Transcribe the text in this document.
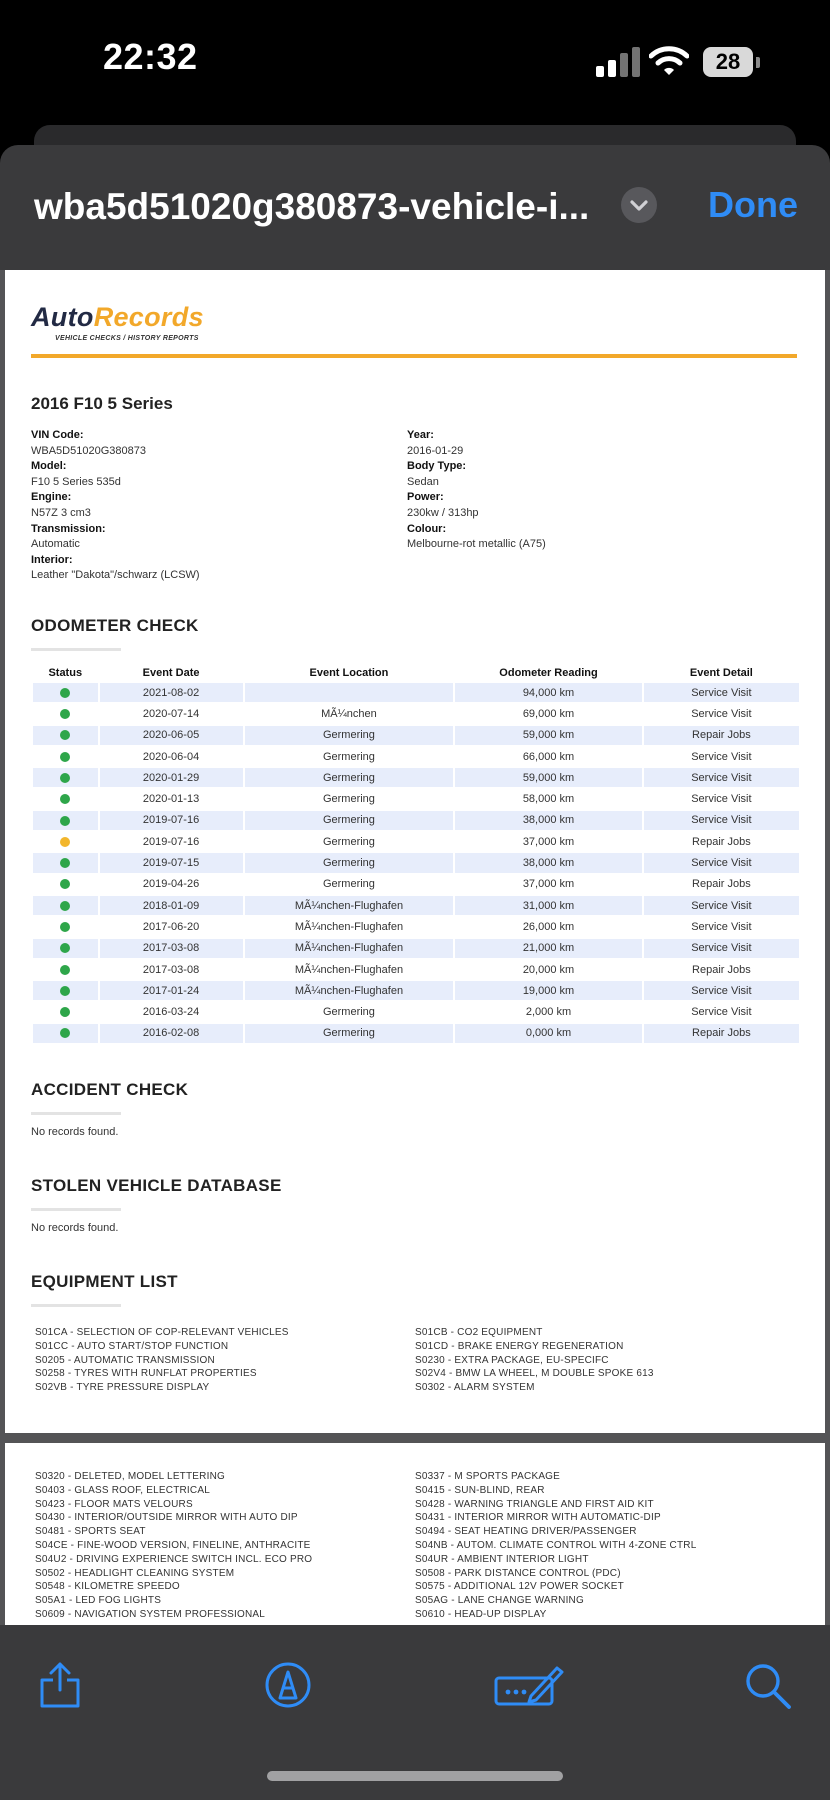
22:32	28
wba5d51020g380873-vehicle-i...	Done
AutoRecords
VEHICLE CHECKS / HISTORY REPORTS
2016 F10 5 Series
VIN Code:
WBA5D51020G380873
Model:
F10 5 Series 535d
Engine:
N57Z 3 cm3
Transmission:
Automatic
Interior:
Leather "Dakota"/schwarz (LCSW)
Year:
2016-01-29
Body Type:
Sedan
Power:
230kw / 313hp
Colour:
Melbourne-rot metallic (A75)
ODOMETER CHECK
Status	Event Date	Event Location	Odometer Reading	Event Detail
	2021-08-02		94,000 km	Service Visit
	2020-07-14	MÃ¼nchen	69,000 km	Service Visit
	2020-06-05	Germering	59,000 km	Repair Jobs
	2020-06-04	Germering	66,000 km	Service Visit
	2020-01-29	Germering	59,000 km	Service Visit
	2020-01-13	Germering	58,000 km	Service Visit
	2019-07-16	Germering	38,000 km	Service Visit
	2019-07-16	Germering	37,000 km	Repair Jobs
	2019-07-15	Germering	38,000 km	Service Visit
	2019-04-26	Germering	37,000 km	Repair Jobs
	2018-01-09	MÃ¼nchen-Flughafen	31,000 km	Service Visit
	2017-06-20	MÃ¼nchen-Flughafen	26,000 km	Service Visit
	2017-03-08	MÃ¼nchen-Flughafen	21,000 km	Service Visit
	2017-03-08	MÃ¼nchen-Flughafen	20,000 km	Repair Jobs
	2017-01-24	MÃ¼nchen-Flughafen	19,000 km	Service Visit
	2016-03-24	Germering	2,000 km	Service Visit
	2016-02-08	Germering	0,000 km	Repair Jobs
ACCIDENT CHECK
No records found.
STOLEN VEHICLE DATABASE
No records found.
EQUIPMENT LIST
S01CA - SELECTION OF COP-RELEVANT VEHICLES
S01CC - AUTO START/STOP FUNCTION
S0205 - AUTOMATIC TRANSMISSION
S0258 - TYRES WITH RUNFLAT PROPERTIES
S02VB - TYRE PRESSURE DISPLAY
S01CB - CO2 EQUIPMENT
S01CD - BRAKE ENERGY REGENERATION
S0230 - EXTRA PACKAGE, EU-SPECIFC
S02V4 - BMW LA WHEEL, M DOUBLE SPOKE 613
S0302 - ALARM SYSTEM
S0320 - DELETED, MODEL LETTERING
S0403 - GLASS ROOF, ELECTRICAL
S0423 - FLOOR MATS VELOURS
S0430 - INTERIOR/OUTSIDE MIRROR WITH AUTO DIP
S0481 - SPORTS SEAT
S04CE - FINE-WOOD VERSION, FINELINE, ANTHRACITE
S04U2 - DRIVING EXPERIENCE SWITCH INCL. ECO PRO
S0502 - HEADLIGHT CLEANING SYSTEM
S0548 - KILOMETRE SPEEDO
S05A1 - LED FOG LIGHTS
S0609 - NAVIGATION SYSTEM PROFESSIONAL
S0337 - M SPORTS PACKAGE
S0415 - SUN-BLIND, REAR
S0428 - WARNING TRIANGLE AND FIRST AID KIT
S0431 - INTERIOR MIRROR WITH AUTOMATIC-DIP
S0494 - SEAT HEATING DRIVER/PASSENGER
S04NB - AUTOM. CLIMATE CONTROL WITH 4-ZONE CTRL
S04UR - AMBIENT INTERIOR LIGHT
S0508 - PARK DISTANCE CONTROL (PDC)
S0575 - ADDITIONAL 12V POWER SOCKET
S05AG - LANE CHANGE WARNING
S0610 - HEAD-UP DISPLAY
